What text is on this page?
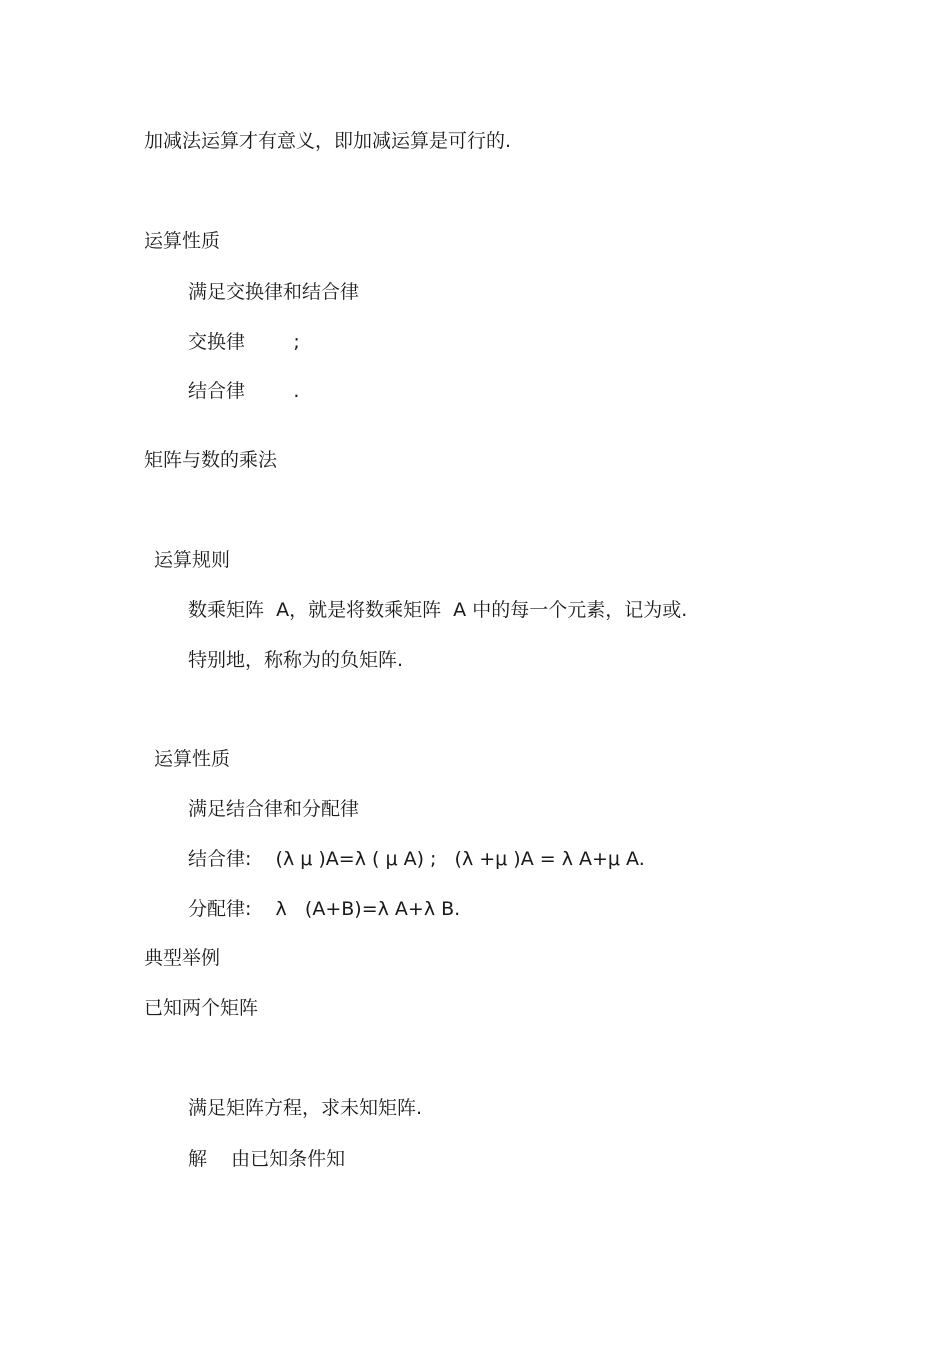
加减法运算才有意义，即加减运算是可行的.

运算性质

满足交换律和结合律

交换律        ;

结合律        .

矩阵与数的乘法

运算规则

数乘矩阵  A，就是将数乘矩阵  A 中的每一个元素，记为或.

特别地，称称为的负矩阵.

运算性质

满足结合律和分配律

结合律:    (λ μ )A=λ ( μ A) ;   (λ +μ )A = λ A+μ A.

分配律:    λ   (A+B)=λ A+λ B.

典型举例

已知两个矩阵

满足矩阵方程，求未知矩阵.

解    由已知条件知
